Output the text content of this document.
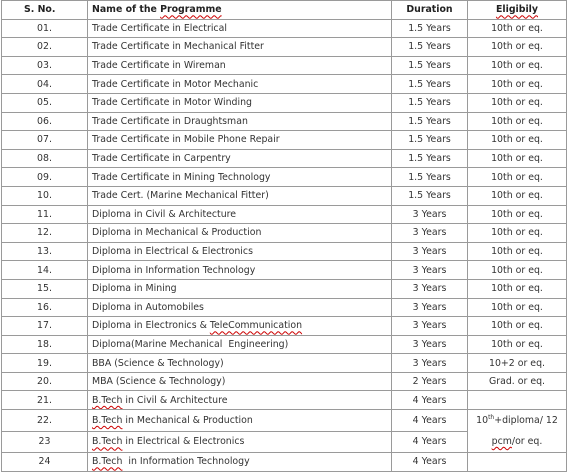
S. No.	Name of the Programme	Duration	Eligibily	
01.	Trade Certificate in Electrical	1.5 Years	10th or eq.	
02.	Trade Certificate in Mechanical Fitter	1.5 Years	10th or eq.	
03.	Trade Certificate in Wireman	1.5 Years	10th or eq.	
04.	Trade Certificate in Motor Mechanic	1.5 Years	10th or eq.	
05.	Trade Certificate in Motor Winding	1.5 Years	10th or eq.	
06.	Trade Certificate in Draughtsman	1.5 Years	10th or eq.	
07.	Trade Certificate in Mobile Phone Repair	1.5 Years	10th or eq.	
08.	Trade Certificate in Carpentry	1.5 Years	10th or eq.	
09.	Trade Certificate in Mining Technology	1.5 Years	10th or eq.	
10.	Trade Cert. (Marine Mechanical Fitter)	1.5 Years	10th or eq.	
11.	Diploma in Civil & Architecture	3 Years	10th or eq.	
12.	Diploma in Mechanical & Production	3 Years	10th or eq.	
13.	Diploma in Electrical & Electronics	3 Years	10th or eq.	
14.	Diploma in Information Technology	3 Years	10th or eq.	
15.	Diploma in Mining	3 Years	10th or eq.	
16.	Diploma in Automobiles	3 Years	10th or eq.	
17.	Diploma in Electronics & TeleCommunication	3 Years	10th or eq.	
18.	Diploma(Marine Mechanical  Engineering)	3 Years	10th or eq.	
19.	BBA (Science & Technology)	3 Years	10+2 or eq.	
20.	MBA (Science & Technology)	2 Years	Grad. or eq.	
21.	B.Tech in Civil & Architecture	4 Years		
22.	B.Tech in Mechanical & Production	4 Years	10th+diploma/ 12 pcm/or eq.	
23	B.Tech in Electrical & Electronics	4 Years		
24	B.Tech  in Information Technology	4 Years		
